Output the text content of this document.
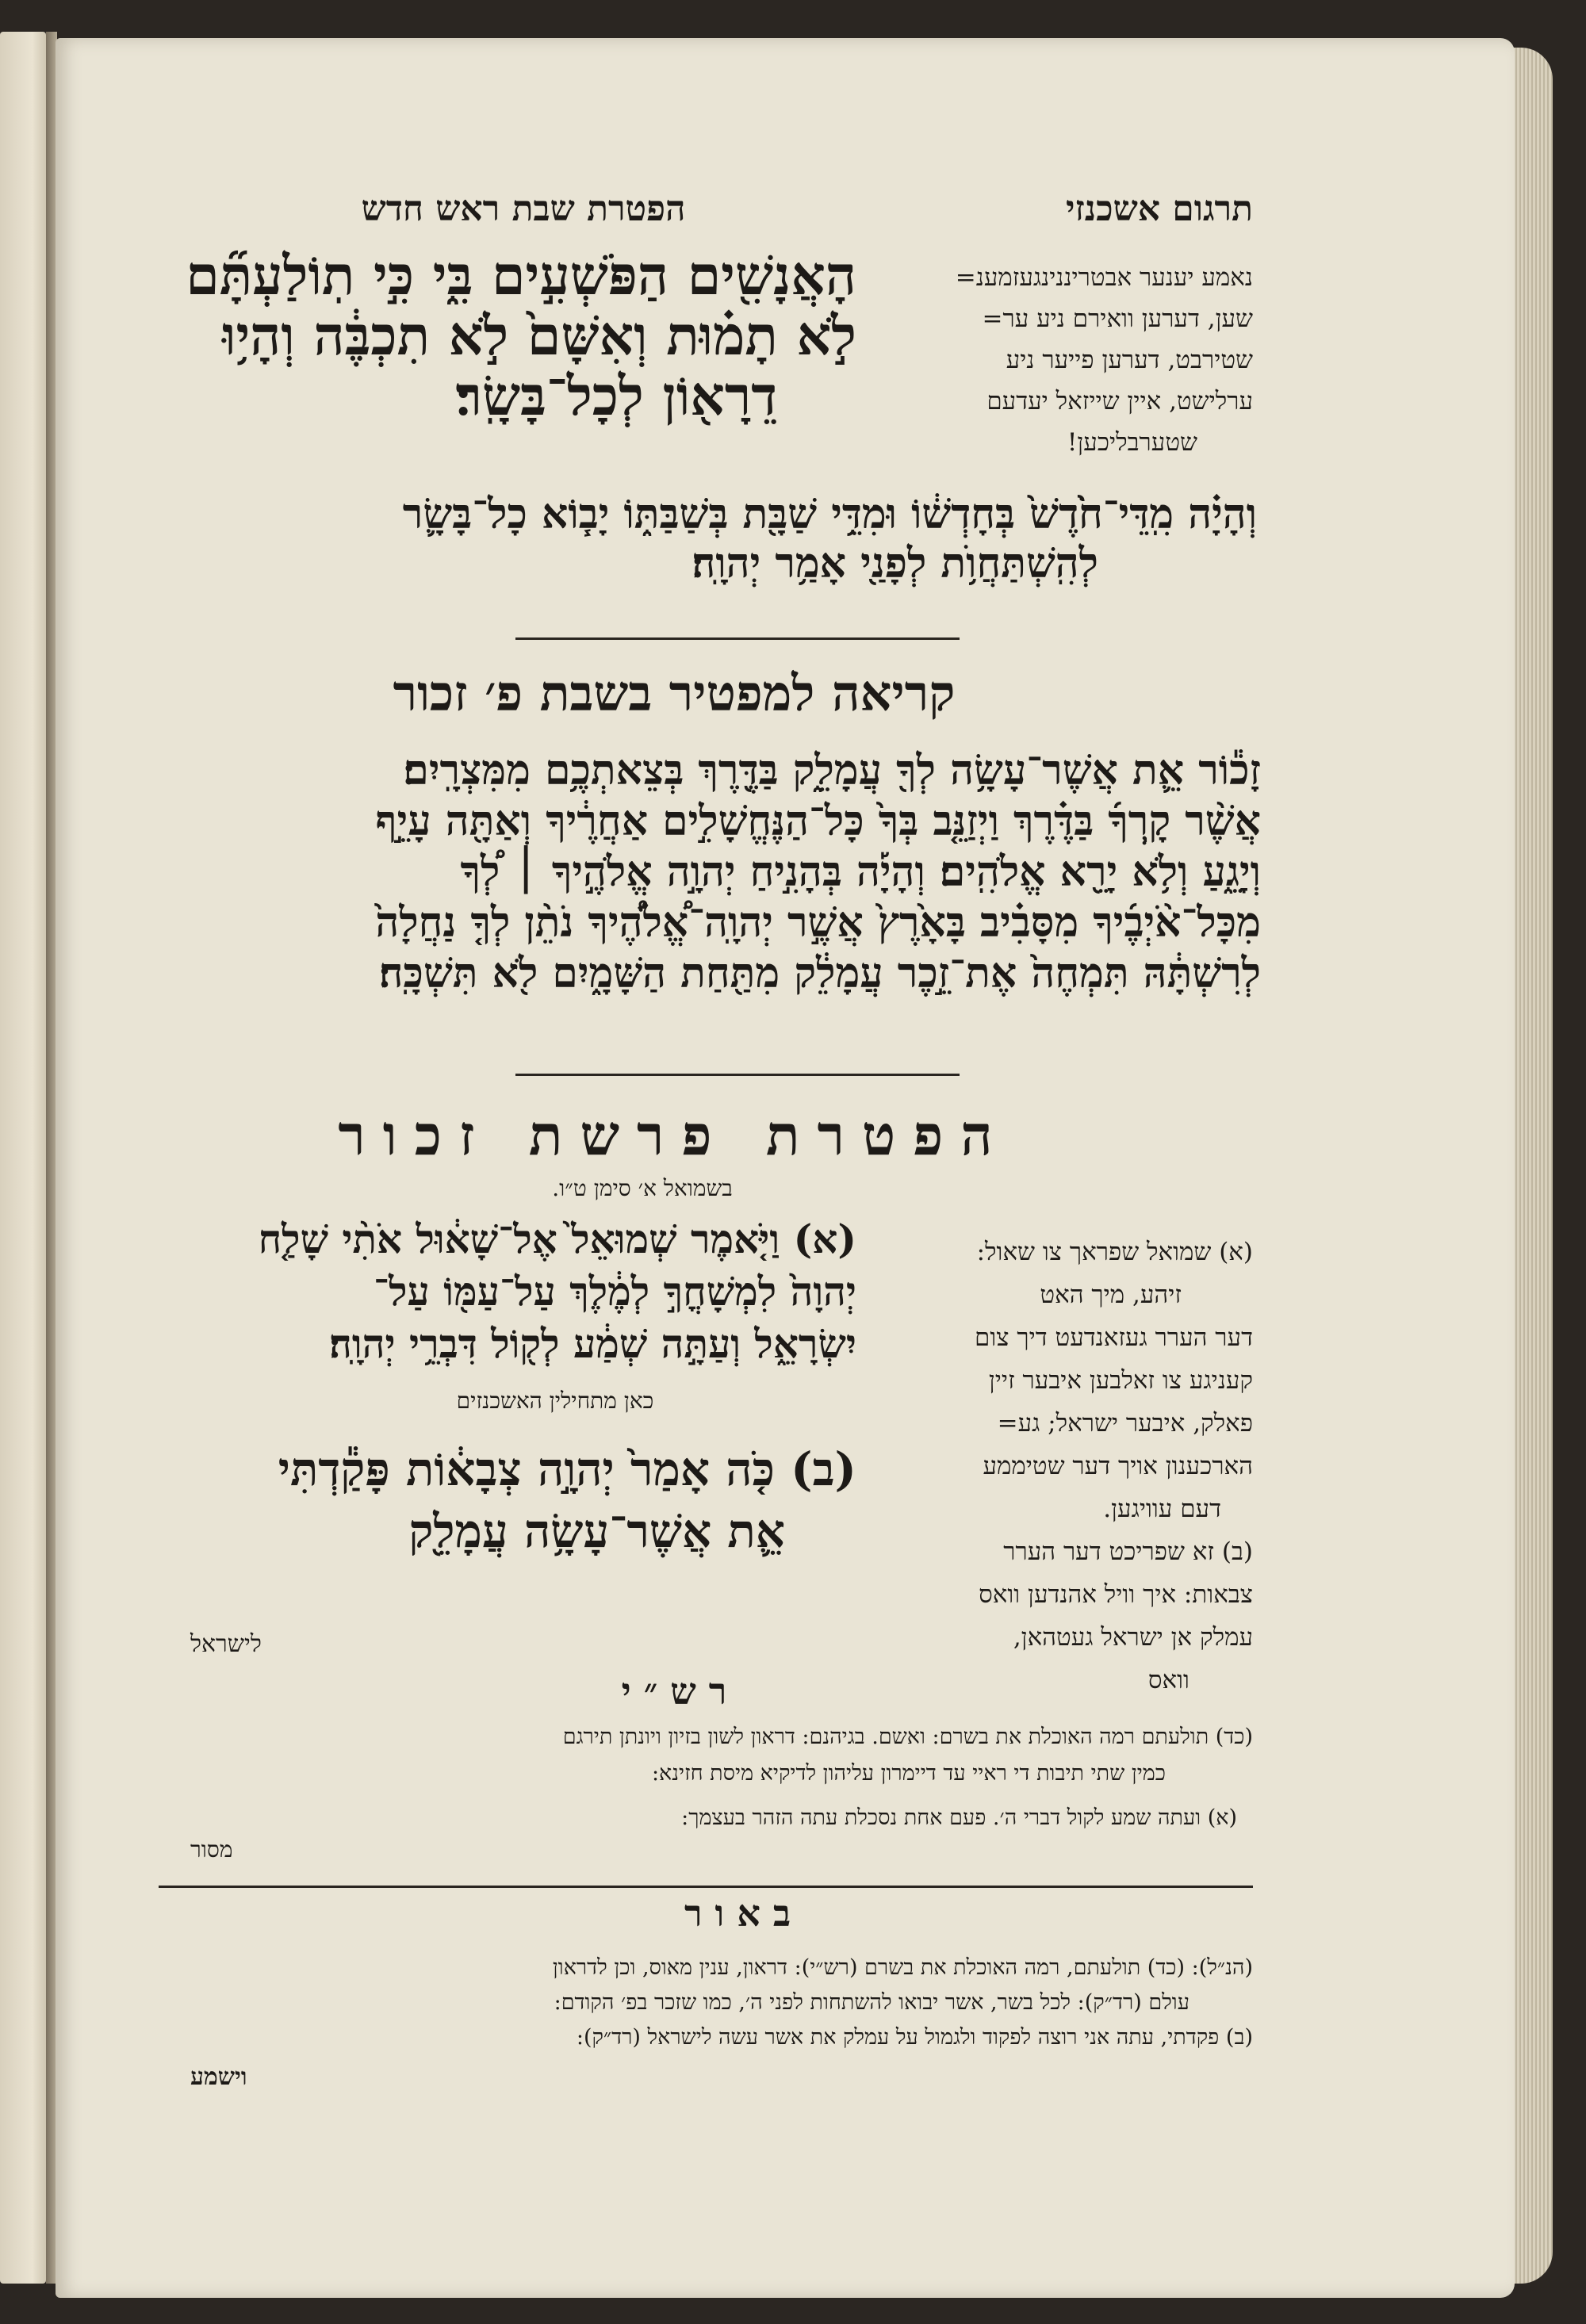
תרגום אשכנזי
הפטרת שבת ראש חדש
הָאֲנָשִׁ֖ים הַפֹּשְׁעִ֣ים בִּ֑י כִּ֣י תֽוֹלַעְתָּ֞ם
לֹ֣א תָמ֗וּת וְאִשָּׁם֙ לֹ֣א תִכְבֶּ֔ה וְהָי֥וּ
דֵרָא֖וֹן לְכָל־בָּשָֽׂר׃
נאמע יענער אבטריננינגעזמענ=
שען, דערען וואירם ניע ער=
שטירבט, דערען פייער ניע
ערלישט, איין שייזאל יעדעם
שטערבליכען!
וְהָיָ֗ה מִֽדֵּי־חֹ֙דֶשׁ֙ בְּחָדְשׁ֔וֹ וּמִדֵּ֥י שַׁבָּ֖ת בְּשַׁבַּתּ֑וֹ יָב֧וֹא כָל־בָּשָׂ֛ר
לְהִֽשְׁתַּחֲוֺ֥ת לְפָנַ֖י אָמַ֥ר יְהוָֽה׃
קריאה למפטיר בשבת פ׳ זכור
זָכ֕וֹר אֵ֛ת אֲשֶׁר־עָשָׂ֥ה לְךָ֖ עֲמָלֵ֑ק בַּדֶּ֖רֶךְ בְּצֵאתְכֶ֥ם מִמִּצְרָֽיִם׃
אֲשֶׁ֨ר קָֽרְךָ֜ בַּדֶּ֗רֶךְ וַיְזַנֵּ֤ב בְּךָ֙ כָּל־הַנֶּחֱשָׁלִ֣ים אַחֲרֶ֔יךָ וְאַתָּ֖ה עָיֵ֣ף
וְיָגֵ֑עַ וְלֹ֥א יָרֵ֖א אֱלֹהִֽים׃ וְהָיָ֡ה בְּהָנִ֣יחַ יְהוָ֣ה אֱלֹהֶ֣יךָ ׀ לְ֠ךָ
מִכָּל־אֹ֨יְבֶ֜יךָ מִסָּבִ֗יב בָּאָ֙רֶץ֙ אֲשֶׁ֣ר יְהוָֽה־אֱ֠לֹהֶ֠יךָ נֹתֵ֨ן לְךָ֤ נַחֲלָה֙
לְרִשְׁתָּ֔הּ תִּמְחֶה֙ אֶת־זֵ֣כֶר עֲמָלֵ֔ק מִתַּ֖חַת הַשָּׁמָ֑יִם לֹ֖א תִּשְׁכָּֽח׃
הפטרת פרשת זכור
בשמואל א׳ סימן ט״ו.
(א) וַיֹּ֤אמֶר שְׁמוּאֵל֙ אֶל־שָׁא֔וּל אֹתִ֨י שָׁלַ֤ח
יְהוָה֙ לִמְשָׁחֳךָ֣ לְמֶ֔לֶךְ עַל־עַמּ֖וֹ עַל־
יִשְׂרָאֵ֑ל וְעַתָּ֣ה שְׁמַ֔ע לְק֖וֹל דִּבְרֵ֥י יְהוָֽה׃
כאן מתחילין האשכנזים
(ב) כֹּ֤ה אָמַר֙ יְהוָ֣ה צְבָא֔וֹת פָּקַ֕דְתִּי
אֵ֛ת אֲשֶׁר־עָשָׂ֥ה עֲמָלֵ֖ק
לישראל
(א) שמואל שפראך צו שאול:
זיהע, מיך האט
דער הערר געזאנדעט דיך צום
קעניגע צו זאלבען איבער זיין
פאלק, איבער ישראל; גע=
הארכענון אויך דער שטיממע
דעם עוויגען.
(ב) זא שפריכט דער הערר
צבאות: איך וויל אהנדען וואס
עמלק אן ישראל געטהאן,
וואס
ר ש ״ י
(כד) תולעתם רמה האוכלת את בשרם: ואשם. בגיהנם: דראון לשון בזיון ויונתן תירגם
כמין שתי תיבות די ראיי עד דיימרון עליהון לדיקיא מיסת חזינא:
(א) ועתה שמע לקול דברי ה׳. פעם אחת נסכלת עתה הזהר בעצמך:
מסור
ב א ו ר
(הנ״ל): (כד) תולעתם, רמה האוכלת את בשרם (רש״י): דראון, ענין מאוס, וכן לדראון
עולם (רד״ק): לכל בשר, אשר יבואו להשתחות לפני ה׳, כמו שזכר בפ׳ הקודם:
(ב) פקדתי, עתה אני רוצה לפקוד ולגמול על עמלק את אשר עשה לישראל (רד״ק):
וישמע
